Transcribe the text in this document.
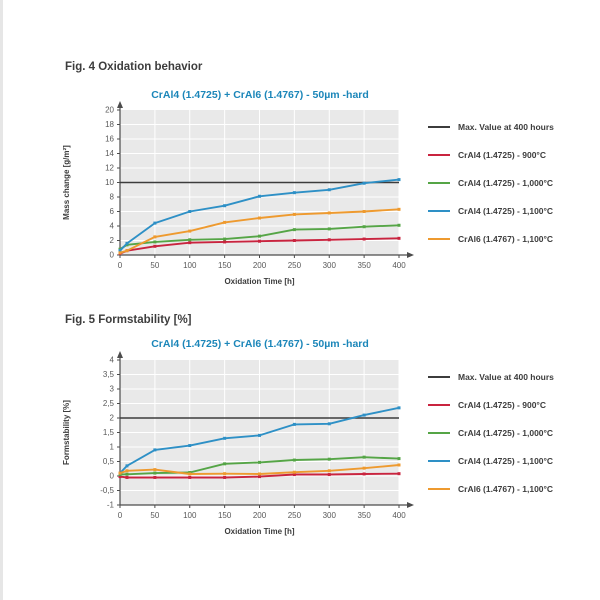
Fig. 4 Oxidation behavior
CrAl4 (1.4725) + CrAl6 (1.4767) - 50µm -hard
0	50	100	150	200	250	300	350	400
0
2
4
6
8
10
12
14
16
18
20
Oxidation Time [h]
Mass change [g/m²]
Max. Value at 400 hours
CrAl4 (1.4725) - 900°C
CrAl4 (1.4725) - 1,000°C
CrAl4 (1.4725) - 1,100°C
CrAl6 (1.4767) - 1,100°C
Fig. 5 Formstability [%]
CrAl4 (1.4725) + CrAl6 (1.4767) - 50µm -hard
0	50	100	150	200	250	300	350	400
-1
-0,5
0
0,5
1
1,5
2
2,5
3
3,5
4
Oxidation Time [h]
Formstability [%]
Max. Value at 400 hours
CrAl4 (1.4725) - 900°C
CrAl4 (1.4725) - 1,000°C
CrAl4 (1.4725) - 1,100°C
CrAl6 (1.4767) - 1,100°C
